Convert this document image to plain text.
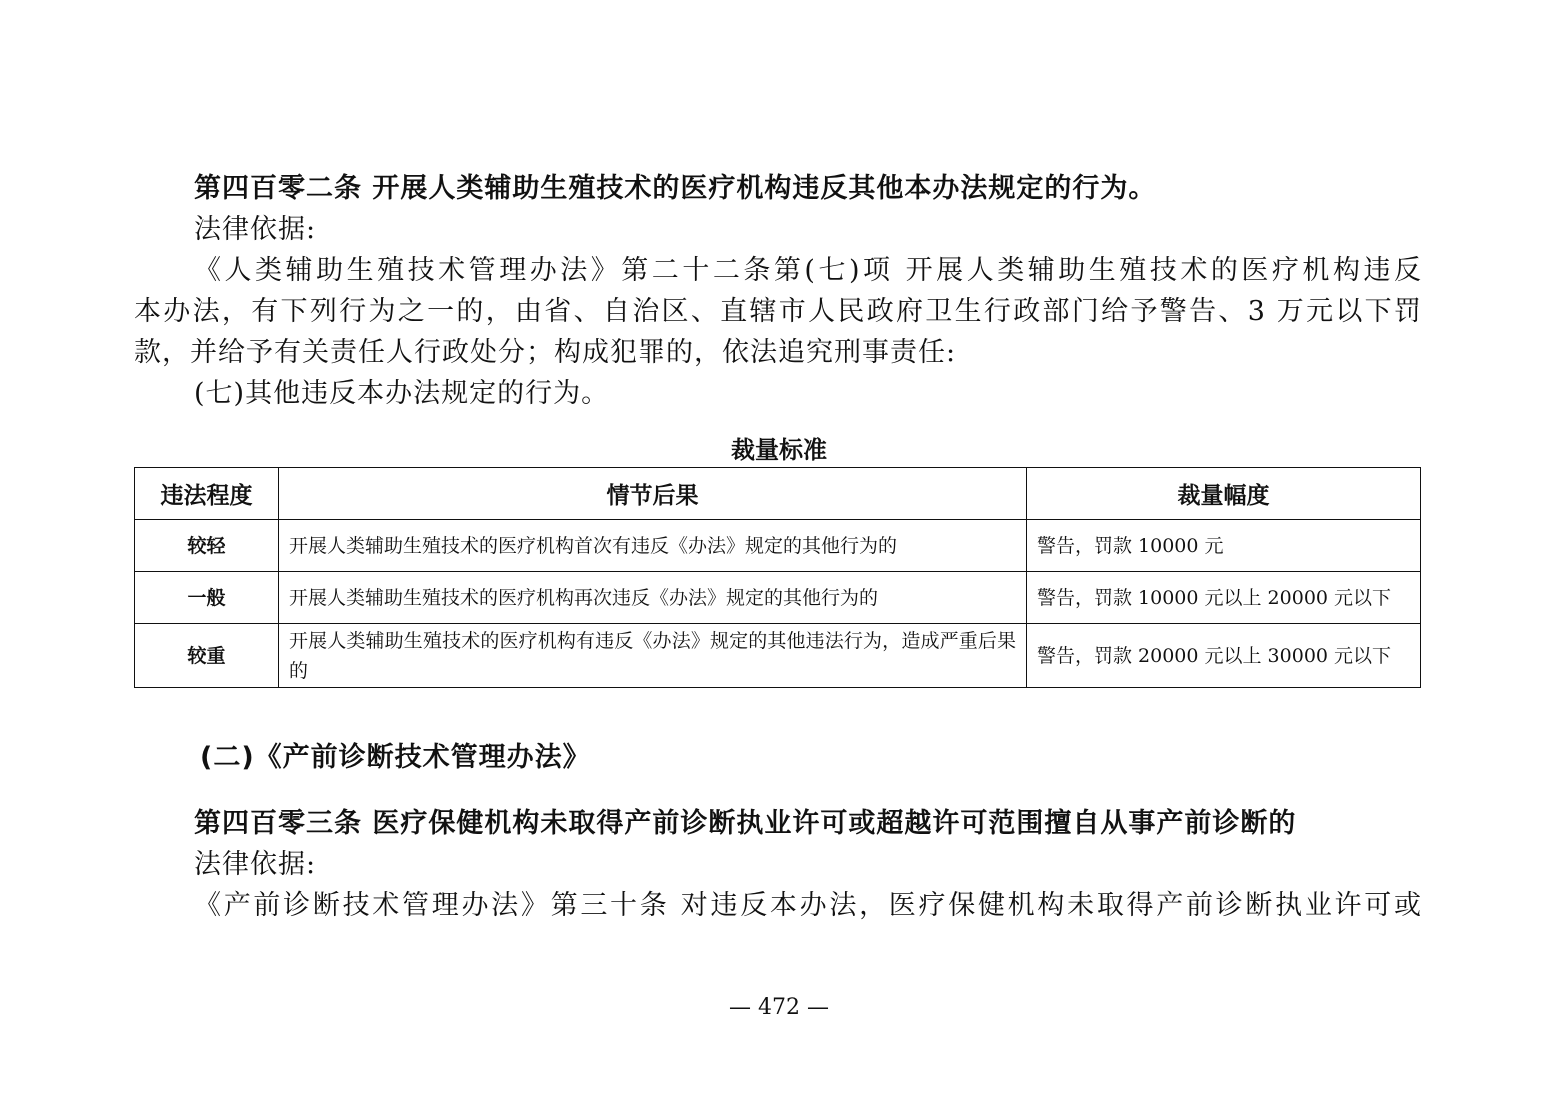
第四百零二条 开展人类辅助生殖技术的医疗机构违反其他本办法规定的行为。
法律依据:
《人类辅助生殖技术管理办法》第二十二条第(七)项 开展人类辅助生殖技术的医疗机构违反
本办法，有下列行为之一的，由省、自治区、直辖市人民政府卫生行政部门给予警告、3 万元以下罚
款，并给予有关责任人行政处分；构成犯罪的，依法追究刑事责任:
(七)其他违反本办法规定的行为。
裁量标准
违法程度	情节后果	裁量幅度
较轻	开展人类辅助生殖技术的医疗机构首次有违反《办法》规定的其他行为的	警告，罚款 10000 元
一般	开展人类辅助生殖技术的医疗机构再次违反《办法》规定的其他行为的	警告，罚款 10000 元以上 20000 元以下
较重	开展人类辅助生殖技术的医疗机构有违反《办法》规定的其他违法行为，造成严重后果的	警告，罚款 20000 元以上 30000 元以下
(二)《产前诊断技术管理办法》
第四百零三条 医疗保健机构未取得产前诊断执业许可或超越许可范围擅自从事产前诊断的
法律依据:
《产前诊断技术管理办法》第三十条 对违反本办法，医疗保健机构未取得产前诊断执业许可或
— 472 —
